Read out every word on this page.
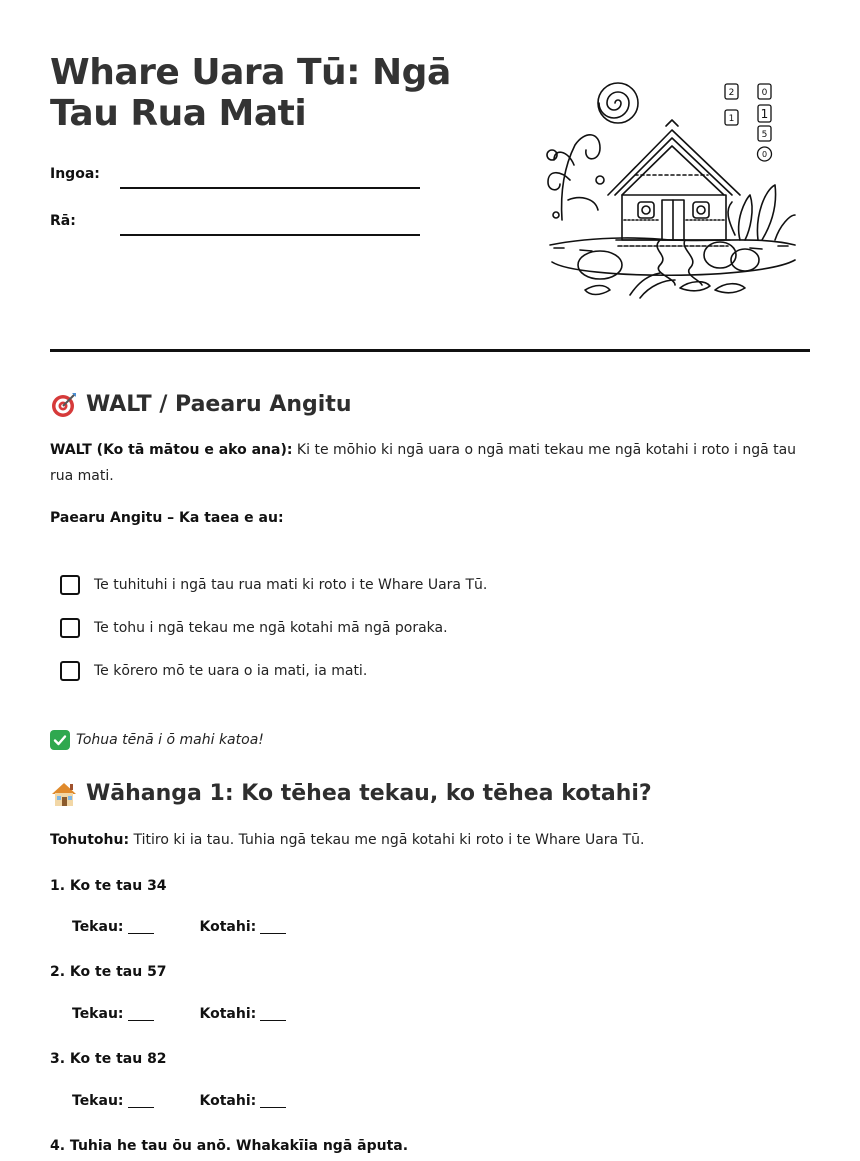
Whare Uara Tū: Ngā Tau Rua Mati
Ingoa:
Rā:
2	0
1 1
5
0
WALT / Paearu Angitu

WALT (Ko tā mātou e ako ana): Ki te mōhio ki ngā uara o ngā mati tekau me ngā kotahi i roto i ngā tau rua mati.

Paearu Angitu – Ka taea e au:
Te tuhituhi i ngā tau rua mati ki roto i te Whare Uara Tū.
Te tohu i ngā tekau me ngā kotahi mā ngā poraka.
Te kōrero mō te uara o ia mati, ia mati.
Tohua tēnā i ō mahi katoa!
Wāhanga 1: Ko tēhea tekau, ko tēhea kotahi?

Tohutohu: Titiro ki ia tau. Tuhia ngā tekau me ngā kotahi ki roto i te Whare Uara Tū.

1. Ko te tau 34
Tekau:	Kotahi:
2. Ko te tau 57
Tekau:	Kotahi:
3. Ko te tau 82
Tekau:	Kotahi:
4. Tuhia he tau ōu anō. Whakakīia ngā āputa.
